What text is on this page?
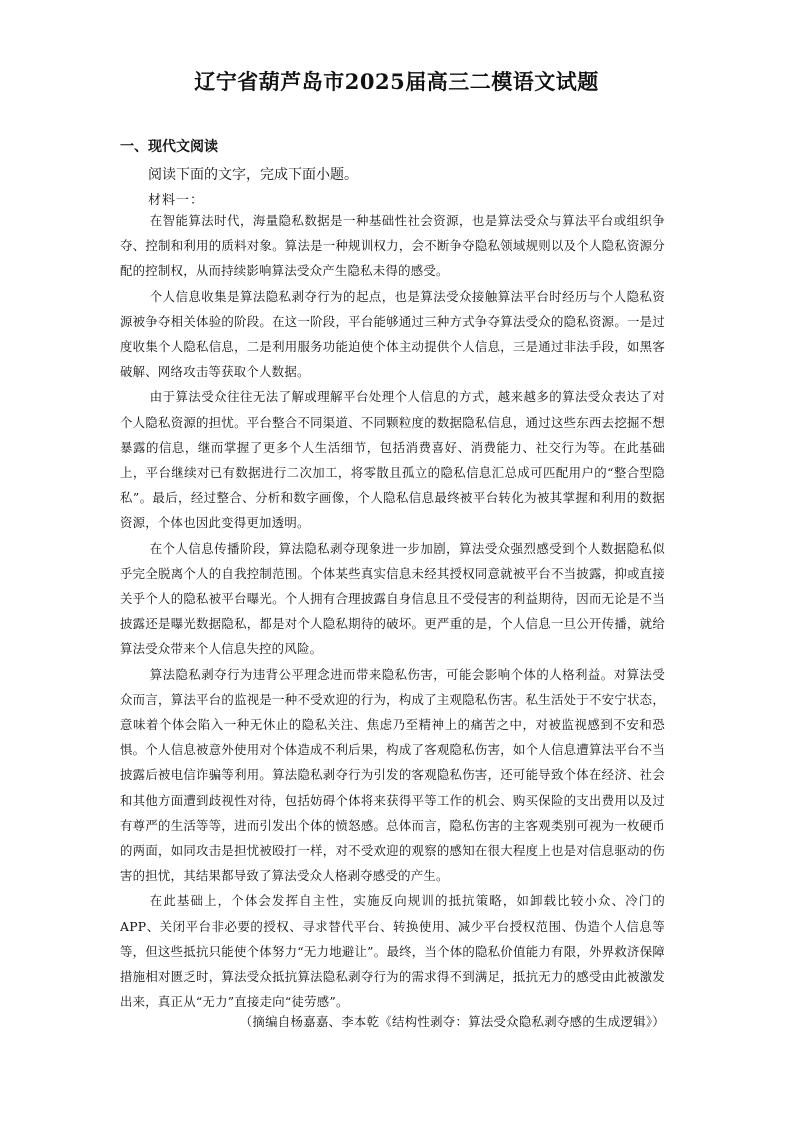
辽宁省葫芦岛市2025届高三二模语文试题
一、现代文阅读
阅读下面的文字，完成下面小题。
材料一：

在智能算法时代，海量隐私数据是一种基础性社会资源，也是算法受众与算法平台或组织争夺、控制和利用的质料对象。算法是一种规训权力，会不断争夺隐私领域规则以及个人隐私资源分配的控制权，从而持续影响算法受众产生隐私未得的感受。

个人信息收集是算法隐私剥夺行为的起点，也是算法受众接触算法平台时经历与个人隐私资源被争夺相关体验的阶段。在这一阶段，平台能够通过三种方式争夺算法受众的隐私资源。一是过度收集个人隐私信息，二是利用服务功能迫使个体主动提供个人信息，三是通过非法手段，如黑客破解、网络攻击等获取个人数据。

由于算法受众往往无法了解或理解平台处理个人信息的方式，越来越多的算法受众表达了对个人隐私资源的担忧。平台整合不同渠道、不同颗粒度的数据隐私信息，通过这些东西去挖掘不想暴露的信息，继而掌握了更多个人生活细节，包括消费喜好、消费能力、社交行为等。在此基础上，平台继续对已有数据进行二次加工，将零散且孤立的隐私信息汇总成可匹配用户的“整合型隐私”。最后，经过整合、分析和数字画像，个人隐私信息最终被平台转化为被其掌握和利用的数据资源，个体也因此变得更加透明。

在个人信息传播阶段，算法隐私剥夺现象进一步加剧，算法受众强烈感受到个人数据隐私似乎完全脱离个人的自我控制范围。个体某些真实信息未经其授权同意就被平台不当披露，抑或直接关乎个人的隐私被平台曝光。个人拥有合理披露自身信息且不受侵害的利益期待，因而无论是不当披露还是曝光数据隐私，都是对个人隐私期待的破坏。更严重的是，个人信息一旦公开传播，就给算法受众带来个人信息失控的风险。

算法隐私剥夺行为违背公平理念进而带来隐私伤害，可能会影响个体的人格利益。对算法受众而言，算法平台的监视是一种不受欢迎的行为，构成了主观隐私伤害。私生活处于不安宁状态，意味着个体会陷入一种无休止的隐私关注、焦虑乃至精神上的痛苦之中，对被监视感到不安和恐惧。个人信息被意外使用对个体造成不利后果，构成了客观隐私伤害，如个人信息遭算法平台不当披露后被电信诈骗等利用。算法隐私剥夺行为引发的客观隐私伤害，还可能导致个体在经济、社会和其他方面遭到歧视性对待，包括妨碍个体将来获得平等工作的机会、购买保险的支出费用以及过有尊严的生活等等，进而引发出个体的愤怒感。总体而言，隐私伤害的主客观类别可视为一枚硬币的两面，如同攻击是担忧被殴打一样，对不受欢迎的观察的感知在很大程度上也是对信息驱动的伤害的担忧，其结果都导致了算法受众人格剥夺感受的产生。

在此基础上，个体会发挥自主性，实施反向规训的抵抗策略，如卸载比较小众、冷门的APP、关闭平台非必要的授权、寻求替代平台、转换使用、减少平台授权范围、伪造个人信息等等，但这些抵抗只能使个体努力“无力地避让”。最终，当个体的隐私价值能力有限，外界救济保障措施相对匮乏时，算法受众抵抗算法隐私剥夺行为的需求得不到满足，抵抗无力的感受由此被激发出来，真正从“无力”直接走向“徒劳感”。

（摘编自杨嘉嘉、李本乾《结构性剥夺：算法受众隐私剥夺感的生成逻辑》）
